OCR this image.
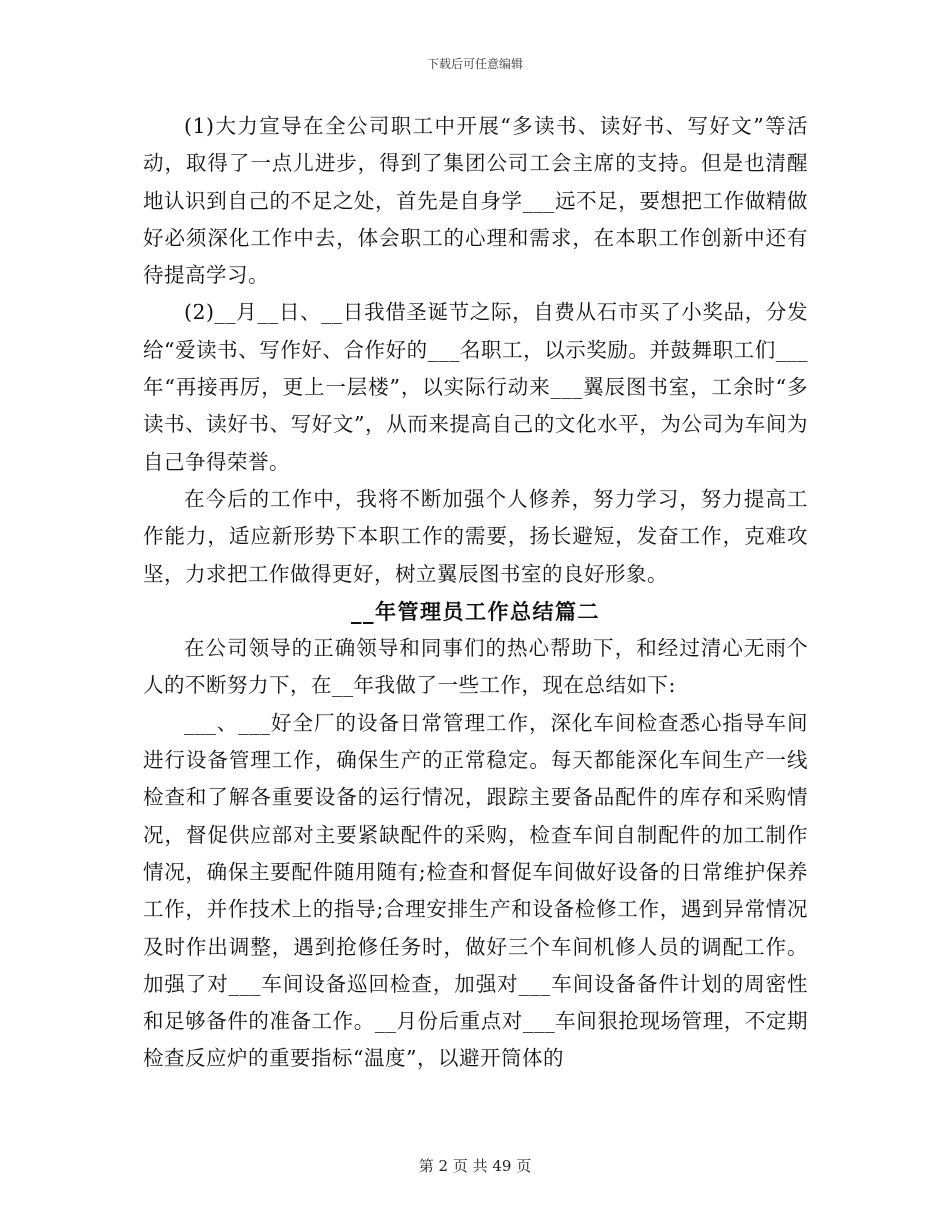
下载后可任意编辑

(1)大力宣导在全公司职工中开展“多读书、读好书、写好文”等活动，取得了一点儿进步，得到了集团公司工会主席的支持。但是也清醒地认识到自己的不足之处，首先是自身学___远不足，要想把工作做精做好必须深化工作中去，体会职工的心理和需求，在本职工作创新中还有待提高学习。

(2)__月__日、__日我借圣诞节之际，自费从石市买了小奖品，分发给“爱读书、写作好、合作好的___名职工，以示奖励。并鼓舞职工们___年“再接再厉，更上一层楼”，以实际行动来___翼辰图书室，工余时“多读书、读好书、写好文”，从而来提高自己的文化水平，为公司为车间为自己争得荣誉。

在今后的工作中，我将不断加强个人修养，努力学习，努力提高工作能力，适应新形势下本职工作的需要，扬长避短，发奋工作，克难攻坚，力求把工作做得更好，树立翼辰图书室的良好形象。

__年管理员工作总结篇二

在公司领导的正确领导和同事们的热心帮助下，和经过清心无雨个人的不断努力下，在__年我做了一些工作，现在总结如下:

___、___好全厂的设备日常管理工作，深化车间检查悉心指导车间进行设备管理工作，确保生产的正常稳定。每天都能深化车间生产一线检查和了解各重要设备的运行情况，跟踪主要备品配件的库存和采购情况，督促供应部对主要紧缺配件的采购，检查车间自制配件的加工制作情况，确保主要配件随用随有;检查和督促车间做好设备的日常维护保养工作，并作技术上的指导;合理安排生产和设备检修工作，遇到异常情况及时作出调整，遇到抢修任务时，做好三个车间机修人员的调配工作。加强了对___车间设备巡回检查，加强对___车间设备备件计划的周密性和足够备件的准备工作。__月份后重点对___车间狠抢现场管理，不定期检查反应炉的重要指标“温度”，以避开筒体的

第 2 页 共 49 页
